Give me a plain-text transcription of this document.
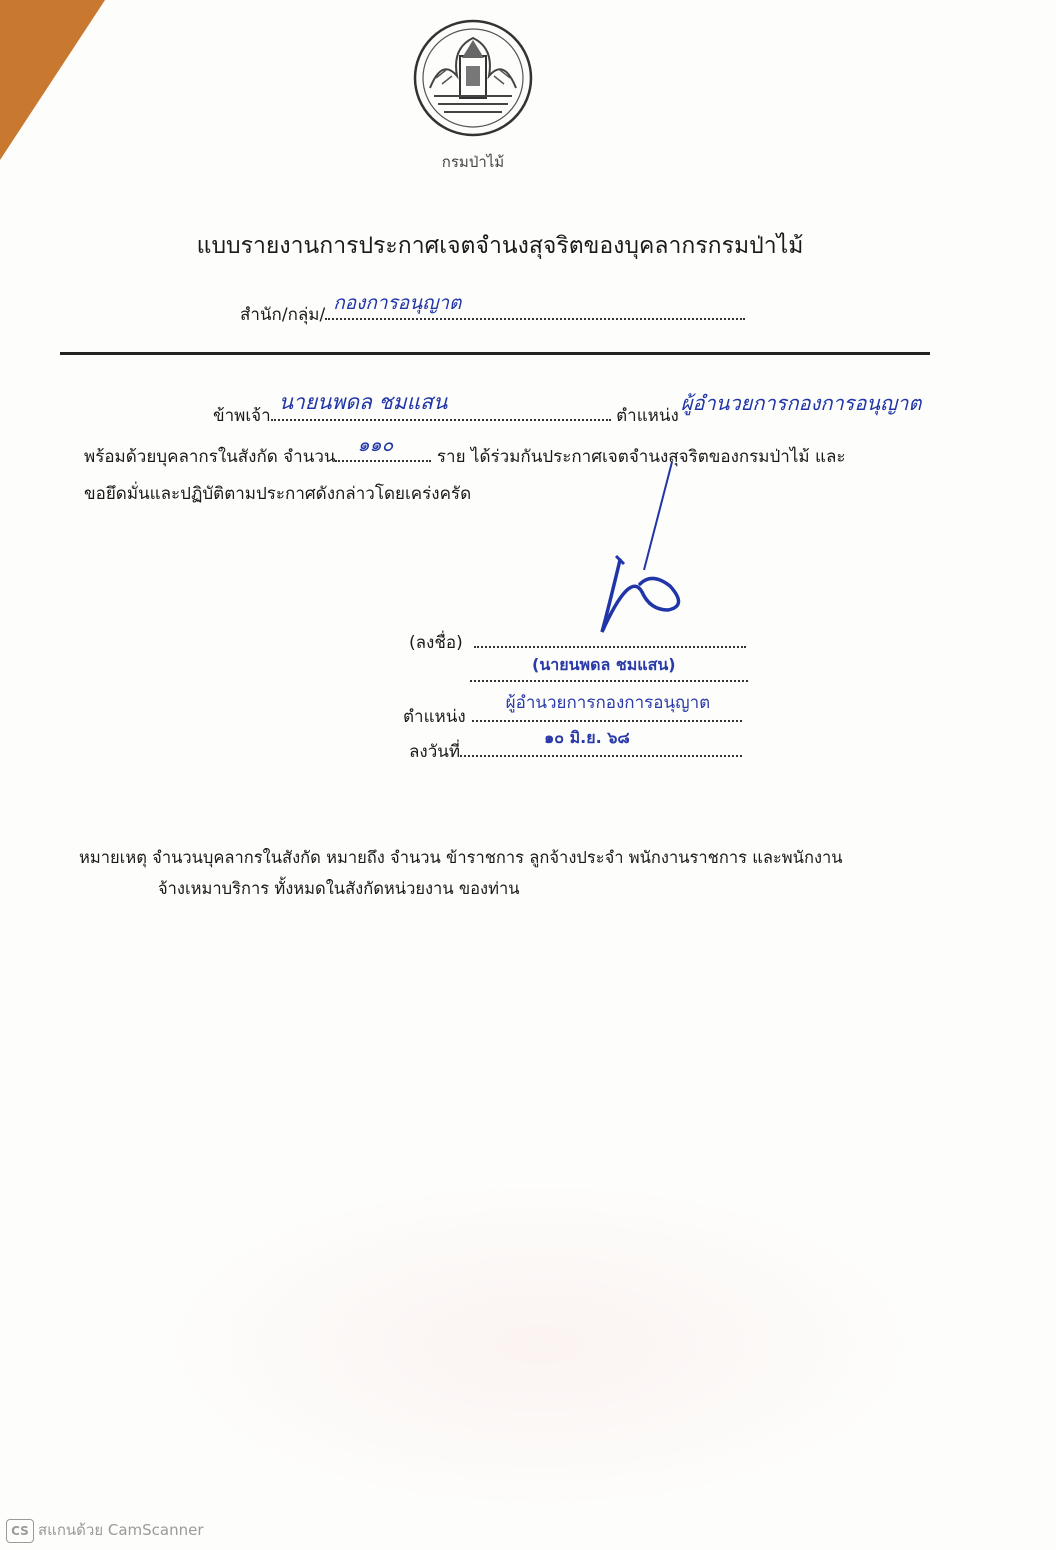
กรมป่าไม้
แบบรายงานการประกาศเจตจำนงสุจริตของบุคลากรกรมป่าไม้
สำนัก/กลุ่ม/
กองการอนุญาต
ข้าพเจ้า
นายนพดล ชมแสน
ตำแหน่ง
ผู้อำนวยการกองการอนุญาต
พร้อมด้วยบุคลากรในสังกัด จำนวน
๑๑๐
ราย ได้ร่วมกันประกาศเจตจำนงสุจริตของกรมป่าไม้ และ
ขอยึดมั่นและปฏิบัติตามประกาศดังกล่าวโดยเคร่งครัด
(ลงชื่อ)
(นายนพดล ชมแสน)
ตำแหน่ง
ผู้อำนวยการกองการอนุญาต
ลงวันที่
๑๐ มิ.ย. ๖๘
หมายเหตุ จำนวนบุคลากรในสังกัด หมายถึง จำนวน ข้าราชการ ลูกจ้างประจำ พนักงานราชการ และพนักงาน
จ้างเหมาบริการ ทั้งหมดในสังกัดหน่วยงาน ของท่าน
CS สแกนด้วย CamScanner
